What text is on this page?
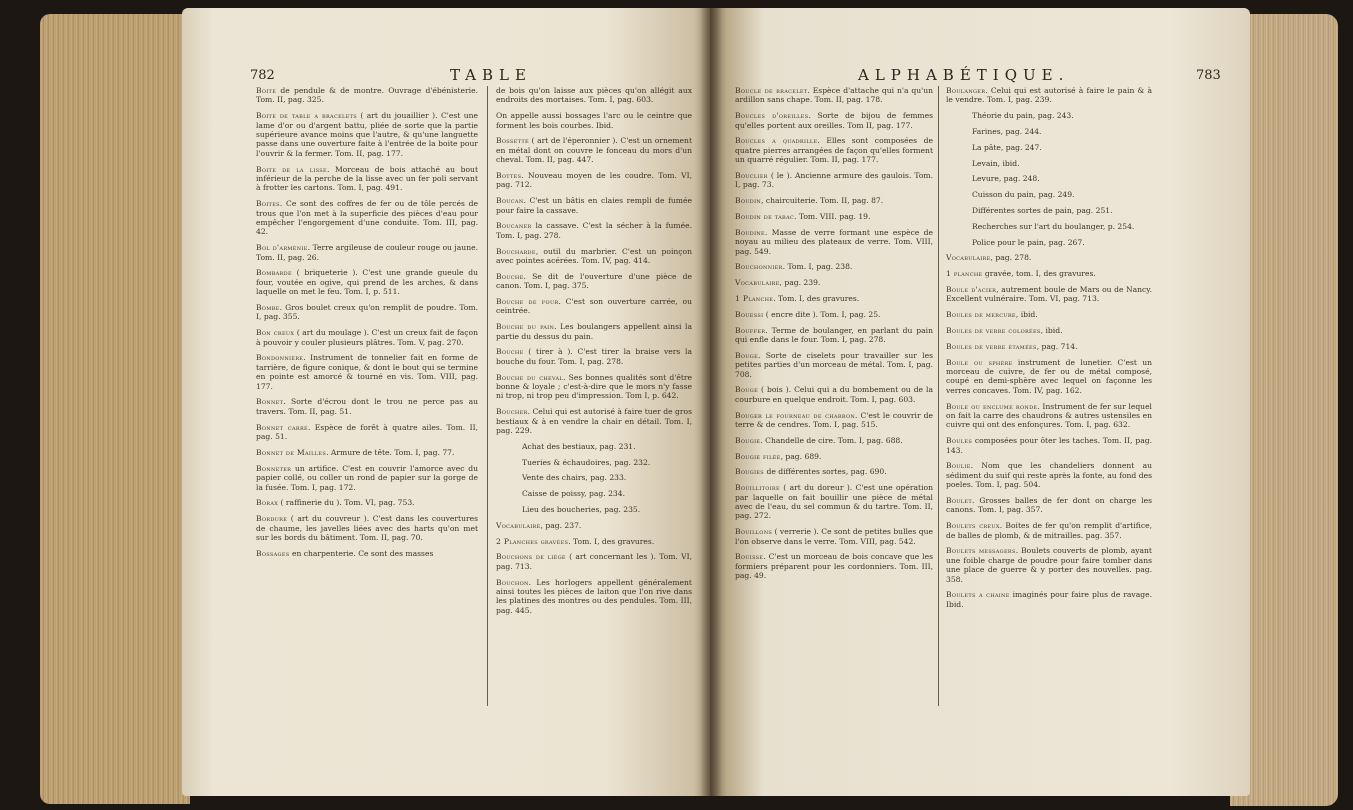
782	TABLE	783
ALPHABÉTIQUE.

Boite de pendule & de montre. Ouvrage d'ébénisterie. Tom. II, pag. 325.

Boite de table a bracelets ( art du jouaillier ). C'est une lame d'or ou d'argent battu, pliée de sorte que la partie supérieure avance moins que l'autre, & qu'une languette passe dans une ouverture faite à l'entrée de la boite pour l'ouvrir & la fermer. Tom. II, pag. 177.

Boite de la lisse. Morceau de bois attaché au bout inférieur de la perche de la lisse avec un fer poli servant à frotter les cartons. Tom. I, pag. 491.

Boites. Ce sont des coffres de fer ou de tôle percés de trous que l'on met à la superficie des pièces d'eau pour empêcher l'engorgement d'une conduite. Tom. III, pag. 42.

Bol d'arménie. Terre argileuse de couleur rouge ou jaune. Tom. II, pag. 26.

Bombarde ( briqueterie ). C'est une grande gueule du four, voutée en ogive, qui prend de les arches, & dans laquelle on met le feu. Tom. I, p. 511.

Bombe. Gros boulet creux qu'on remplit de poudre. Tom. I, pag. 355.

Bon creux ( art du moulage ). C'est un creux fait de façon à pouvoir y couler plusieurs plâtres. Tom. V, pag. 270.

Bondonnière. Instrument de tonnelier fait en forme de tarrière, de figure conique, & dont le bout qui se termine en pointe est amorcé & tourné en vis. Tom. VIII, pag. 177.

Bonnet. Sorte d'écrou dont le trou ne perce pas au travers. Tom. II, pag. 51.

Bonnet carré. Espèce de forêt à quatre ailes. Tom. II, pag. 51.

Bonnet de Mailles. Armure de tête. Tom. I, pag. 77.

Bonneter un artifice. C'est en couvrir l'amorce avec du papier collé, ou coller un rond de papier sur la gorge de la fusée. Tom. I, pag. 172.

Borax ( raffinerie du ). Tom. VI, pag. 753.

Bordure ( art du couvreur ). C'est dans les couvertures de chaume, les javelles liées avec des harts qu'on met sur les bords du bâtiment. Tom. II, pag. 70.

Bossages en charpenterie. Ce sont des masses

de bois qu'on laisse aux pièces qu'on allégit aux endroits des mortaises. Tom. I, pag. 603.

On appelle aussi bossages l'arc ou le ceintre que forment les bois courbes. Ibid.

Bossette ( art de l'éperonnier ). C'est un ornement en métal dont on couvre le fonceau du mors d'un cheval. Tom. II, pag. 447.

Bottes. Nouveau moyen de les coudre. Tom. VI, pag. 712.

Boucan. C'est un bâtis en claies rempli de fumée pour faire la cassave.

Boucaner la cassave. C'est la sécher à la fumée. Tom. I, pag. 278.

Boucharde, outil du marbrier. C'est un poinçon avec pointes acérées. Tom. IV, pag. 414.

Bouche. Se dit de l'ouverture d'une pièce de canon. Tom. I, pag. 375.

Bouche de four. C'est son ouverture carrée, ou ceintrée.

Bouche du pain. Les boulangers appellent ainsi la partie du dessus du pain.

Bouche ( tirer à ). C'est tirer la braise vers la bouche du four. Tom. I, pag. 278.

Bouche du cheval. Ses bonnes qualités sont d'être bonne & loyale ; c'est-à-dire que le mors n'y fasse ni trop, ni trop peu d'impression. Tom I, p. 642.

Boucher. Celui qui est autorisé à faire tuer de gros bestiaux & à en vendre la chair en détail. Tom. I, pag. 229.

Achat des bestiaux, pag. 231.

Tueries & échaudoires, pag. 232.

Vente des chairs, pag. 233.

Caisse de poissy, pag. 234.

Lieu des boucheries, pag. 235.

Vocabulaire, pag. 237.

2 Planches gravées. Tom. I, des gravures.

Bouchons de liège ( art concernant les ). Tom. VI, pag. 713.

Bouchon. Les horlogers appellent généralement ainsi toutes les pièces de laiton que l'on rive dans les platines des montres ou des pendules. Tom. III, pag. 445.

Boucle de bracelet. Espèce d'attache qui n'a qu'un ardillon sans chape. Tom. II, pag. 178.

Boucles d'oreilles. Sorte de bijou de femmes qu'elles portent aux oreilles. Tom II, pag. 177.

Boucles a quadrille. Elles sont composées de quatre pierres arrangées de façon qu'elles forment un quarré régulier. Tom. II, pag. 177.

Bouclier ( le ). Ancienne armure des gaulois. Tom. I, pag. 73.

Boudin, chaircuiterie. Tom. II, pag. 87.

Boudin de tabac. Tom. VIII. pag. 19.

Boudine. Masse de verre formant une espèce de noyau au milieu des plateaux de verre. Tom. VIII, pag. 549.

Bouchonnier. Tom. I, pag. 238.

Vocabulaire, pag. 239.

1 Planche. Tom. I, des gravures.

Bouessi ( encre dite ). Tom. I, pag. 25.

Bouffer. Terme de boulanger, en parlant du pain qui enfle dans le four. Tom. I, pag. 278.

Bouge. Sorte de ciselets pour travailler sur les petites parties d'un morceau de métal. Tom. I, pag. 708.

Bouge ( bois ). Celui qui a du bombement ou de la courbure en quelque endroit. Tom. I, pag. 603.

Bouger le fourneau de charbon. C'est le couvrir de terre & de cendres. Tom. I, pag. 515.

Bougie. Chandelle de cire. Tom. I, pag. 688.

Bougie filée, pag. 689.

Bougies de différentes sortes, pag. 690.

Bouillitoire ( art du doreur ). C'est une opération par laquelle on fait bouillir une pièce de métal avec de l'eau, du sel commun & du tartre. Tom. II, pag. 272.

Bouillons ( verrerie ). Ce sont de petites bulles que l'on observe dans le verre. Tom. VIII, pag. 542.

Bouisse. C'est un morceau de bois concave que les formiers préparent pour les cordonniers. Tom. III, pag. 49.

Boulanger. Celui qui est autorisé à faire le pain & à le vendre. Tom. I, pag. 239.

Théorie du pain, pag. 243.

Farines, pag. 244.

La pâte, pag. 247.

Levain, ibid.

Levure, pag. 248.

Cuisson du pain, pag. 249.

Différentes sortes de pain, pag. 251.

Recherches sur l'art du boulanger, p. 254.

Police pour le pain, pag. 267.

Vocabulaire, pag. 278.

1 planche gravée, tom. I, des gravures.

Boule d'acier, autrement boule de Mars ou de Nancy. Excellent vulnéraire. Tom. VI, pag. 713.

Boules de mercure, ibid.

Boules de verre colorées, ibid.

Boules de verre étamées, pag. 714.

Boule ou sphère instrument de lunetier. C'est un morceau de cuivre, de fer ou de métal composé, coupé en demi-sphère avec lequel on façonne les verres concaves. Tom. IV, pag. 162.

Boule ou enclume ronde. Instrument de fer sur lequel on fait la carre des chaudrons & autres ustensiles en cuivre qui ont des enfonçures. Tom. I, pag. 632.

Boules composées pour ôter les taches. Tom. II, pag. 143.

Boulie. Nom que les chandeliers donnent au sédiment du suif qui reste après la fonte, au fond des poeles. Tom. I, pag. 504.

Boulet. Grosses balles de fer dont on charge les canons. Tom. I, pag. 357.

Boulets creux. Boites de fer qu'on remplit d'artifice, de balles de plomb, & de mitrailles. pag. 357.

Boulets messagers. Boulets couverts de plomb, ayant une foible charge de poudre pour faire tomber dans une place de guerre & y porter des nouvelles. pag. 358.

Boulets a chaine imaginés pour faire plus de ravage. Ibid.
